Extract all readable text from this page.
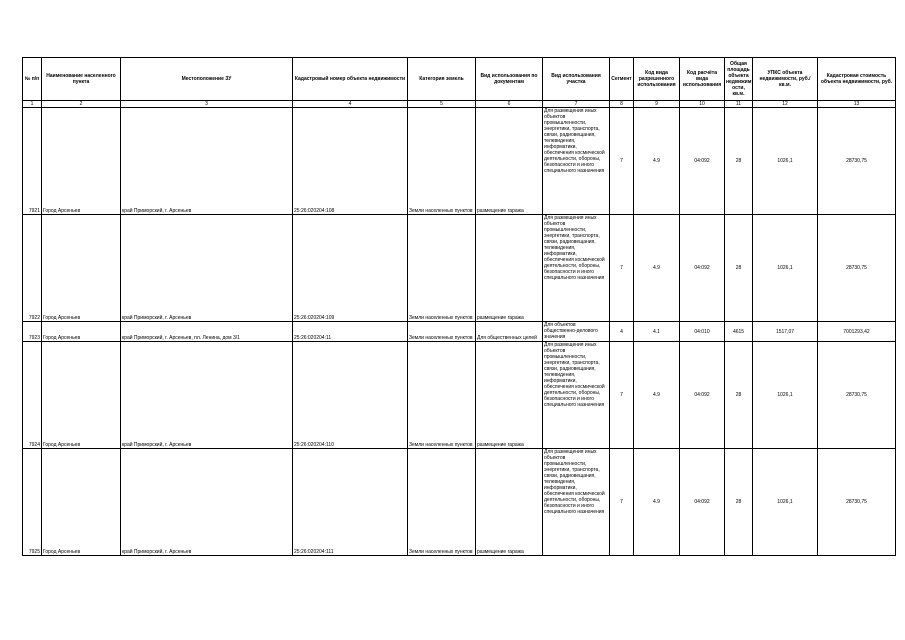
№ п/п	Наименование населенного пункта	Местоположение ЗУ	Кадастровый номер объекта недвижимости	Категория земель	Вид использования по документам	Вид использования участка	Сегмент	Код вида разрешенного использования	Код расчёта вида использования	Общая площадь объекта недвижим ости, кв.м.	УПКС объекта недвижимости, руб./кв.м.	Кадастровая стоимость объекта недвижимости, руб.
1	2	3	4	5	6	7	8	9	10	11	12	13
7921	Город Арсеньев	край Приморский, г. Арсеньев	25:26:020204:108	Земли населенных пунктов	размещение гаража	Для размещения иных объектов промышленности, энергетики, транспорта, связи, радиовещания, телевидения, информатики, обеспечения космической деятельности, обороны, безопасности и иного специального назначения	7	4.9	04:092	28	1026,1	28730,75
7922	Город Арсеньев	край Приморский, г. Арсеньев	25:26:020204:109	Земли населенных пунктов	размещение гаража	Для размещения иных объектов промышленности, энергетики, транспорта, связи, радиовещания, телевидения, информатики, обеспечения космической деятельности, обороны, безопасности и иного специального назначения	7	4.9	04:092	28	1026,1	28730,75
7923	Город Арсеньев	край Приморский, г. Арсеньев, пл. Ленина, дом 3/1	25:26:020204:11	Земли населенных пунктов	Для общественных целей	Для объектов общественно-делового значения	4	4.1	04:010	4615	1517,07	7001293,42
7924	Город Арсеньев	край Приморский, г. Арсеньев	25:26:020204:110	Земли населенных пунктов	размещение гаража	Для размещения иных объектов промышленности, энергетики, транспорта, связи, радиовещания, телевидения, информатики, обеспечения космической деятельности, обороны, безопасности и иного специального назначения	7	4.9	04:092	28	1026,1	28730,75
7925	Город Арсеньев	край Приморский, г. Арсеньев	25:26:020204:111	Земли населенных пунктов	размещение гаража	Для размещения иных объектов промышленности, энергетики, транспорта, связи, радиовещания, телевидения, информатики, обеспечения космической деятельности, обороны, безопасности и иного специального назначения	7	4.9	04:092	28	1026,1	28730,75
